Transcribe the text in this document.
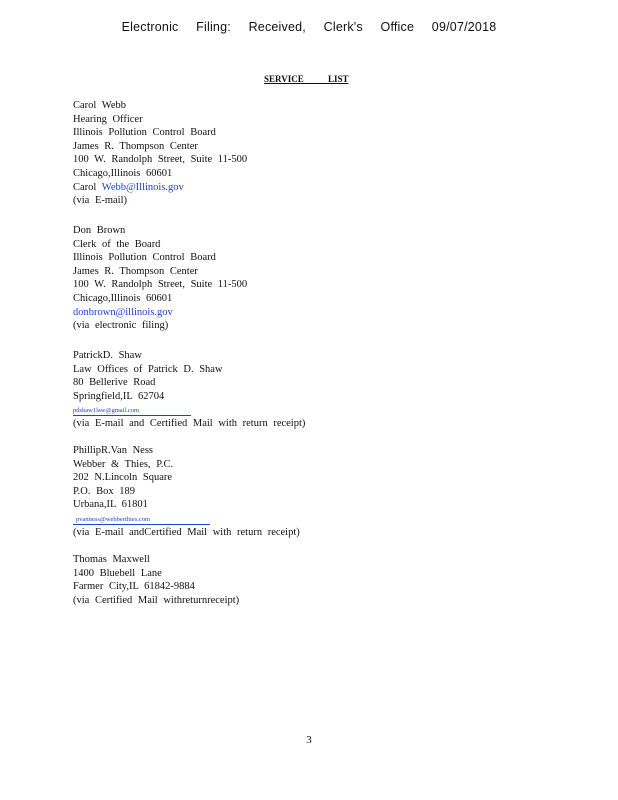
Electronic Filing: Received, Clerk's Office 09/07/2018
SERVICE LIST
Carol Webb
Hearing Officer
Illinois Pollution Control Board
James R. Thompson Center
100 W. Randolph Street, Suite 11-500
Chicago,Illinois 60601
Carol Webb@Illinois.gov
(via E-mail)
Don Brown
Clerk of the Board
Illinois Pollution Control Board
James R. Thompson Center
100 W. Randolph Street, Suite 11-500
Chicago,Illinois 60601
donbrown@illinois.gov
(via electronic filing)
PatrickD. Shaw
Law Offices of Patrick D. Shaw
80 Bellerive Road
Springfield,IL 62704
pdshaw1law@gmail.com
(via E-mail and Certified Mail with return receipt)
PhillipR.Van Ness
Webber & Thies, P.C.
202 N.Lincoln Square
P.O. Box 189
Urbana,IL 61801
pvanness@webberthies.com
(via E-mail andCertified Mail with return receipt)
Thomas Maxwell
1400 Bluebell Lane
Farmer City,IL 61842-9884
(via Certified Mail withreturnreceipt)
3
